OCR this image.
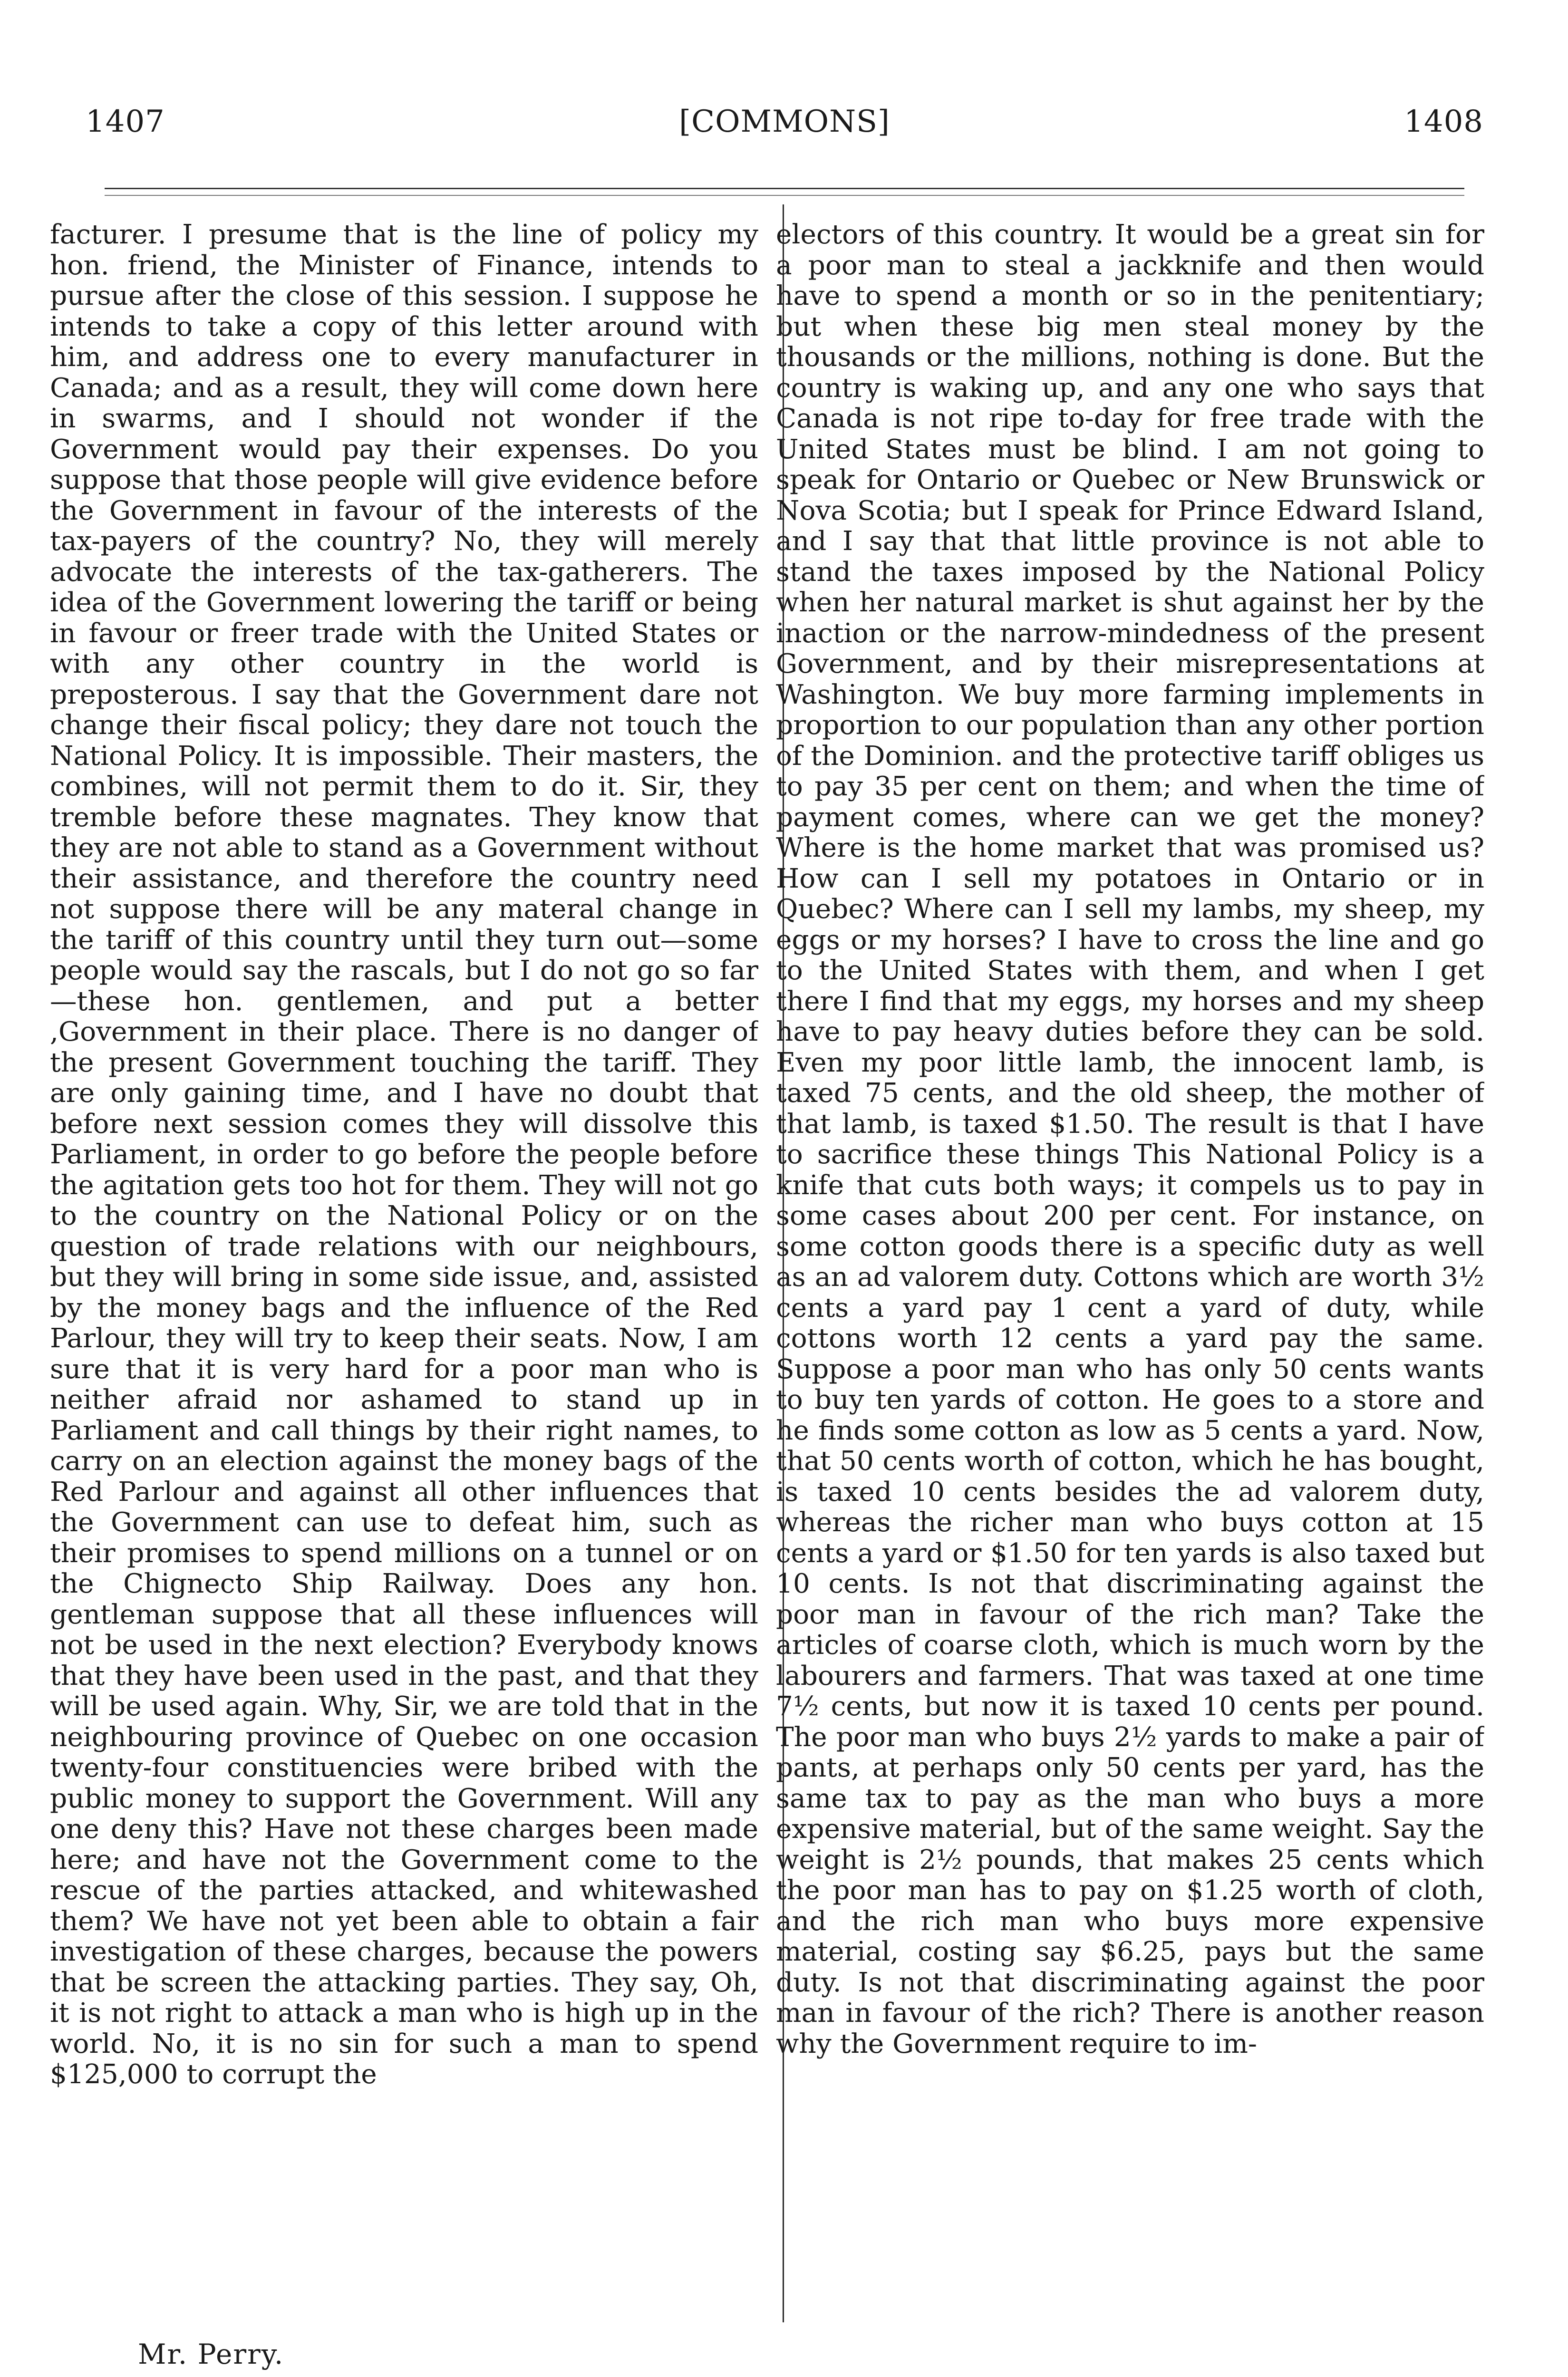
1407	[COMMONS]	1408

facturer. I presume that is the line of policy my hon. friend, the Minister of Finance, intends to pursue after the close of this session. I suppose he intends to take a copy of this letter around with him, and address one to every manufacturer in Canada; and as a result, they will come down here in swarms, and I should not wonder if the Government would pay their expenses. Do you suppose that those people will give evidence before the Government in favour of the interests of the tax-payers of the country? No, they will merely advocate the interests of the tax-gatherers. The idea of the Government lowering the tariff or being in favour or freer trade with the United States or with any other country in the world is preposterous. I say that the Government dare not change their fiscal policy; they dare not touch the National Policy. It is impossible. Their masters, the combines, will not permit them to do it. Sir, they tremble before these magnates. They know that they are not able to stand as a Government without their assistance, and therefore the country need not suppose there will be any materal change in the tariff of this country until they turn out—some people would say the rascals, but I do not go so far—these hon. gentlemen, and put a better ,Government in their place. There is no danger of the present Government touching the tariff. They are only gaining time, and I have no doubt that before next session comes they will dissolve this Parliament, in order to go before the people before the agitation gets too hot for them. They will not go to the country on the National Policy or on the question of trade relations with our neighbours, but they will bring in some side issue, and, assisted by the money bags and the influence of the Red Parlour, they will try to keep their seats. Now, I am sure that it is very hard for a poor man who is neither afraid nor ashamed to stand up in Parliament and call things by their right names, to carry on an election against the money bags of the Red Parlour and against all other influences that the Government can use to defeat him, such as their promises to spend millions on a tunnel or on the Chignecto Ship Railway. Does any hon. gentleman suppose that all these influences will not be used in the next election? Everybody knows that they have been used in the past, and that they will be used again. Why, Sir, we are told that in the neighbouring province of Quebec on one occasion twenty-four constituencies were bribed with the public money to support the Government. Will any one deny this? Have not these charges been made here; and have not the Government come to the rescue of the parties attacked, and whitewashed them? We have not yet been able to obtain a fair investigation of these charges, because the powers that be screen the attacking parties. They say, Oh, it is not right to attack a man who is high up in the world. No, it is no sin for such a man to spend $125,000 to corrupt the

electors of this country. It would be a great sin for a poor man to steal a jackknife and then would have to spend a month or so in the penitentiary; but when these big men steal money by the thousands or the millions, nothing is done. But the country is waking up, and any one who says that Canada is not ripe to-day for free trade with the United States must be blind. I am not going to speak for Ontario or Quebec or New Brunswick or Nova Scotia; but I speak for Prince Edward Island, and I say that that little province is not able to stand the taxes imposed by the National Policy when her natural market is shut against her by the inaction or the narrow-mindedness of the present Government, and by their misrepresentations at Washington. We buy more farming implements in proportion to our population than any other portion of the Dominion. and the protective tariff obliges us to pay 35 per cent on them; and when the time of payment comes, where can we get the money? Where is the home market that was promised us? How can I sell my potatoes in Ontario or in Quebec? Where can I sell my lambs, my sheep, my eggs or my horses? I have to cross the line and go to the United States with them, and when I get there I find that my eggs, my horses and my sheep have to pay heavy duties before they can be sold. Even my poor little lamb, the innocent lamb, is taxed 75 cents, and the old sheep, the mother of that lamb, is taxed $1.50. The result is that I have to sacrifice these things This National Policy is a knife that cuts both ways; it compels us to pay in some cases about 200 per cent. For instance, on some cotton goods there is a specific duty as well as an ad valorem duty. Cottons which are worth 3½ cents a yard pay 1 cent a yard of duty, while cottons worth 12 cents a yard pay the same. Suppose a poor man who has only 50 cents wants to buy ten yards of cotton. He goes to a store and he finds some cotton as low as 5 cents a yard. Now, that 50 cents worth of cotton, which he has bought, is taxed 10 cents besides the ad valorem duty, whereas the richer man who buys cotton at 15 cents a yard or $1.50 for ten yards is also taxed but 10 cents. Is not that discriminating against the poor man in favour of the rich man? Take the articles of coarse cloth, which is much worn by the labourers and farmers. That was taxed at one time 7½ cents, but now it is taxed 10 cents per pound. The poor man who buys 2½ yards to make a pair of pants, at perhaps only 50 cents per yard, has the same tax to pay as the man who buys a more expensive material, but of the same weight. Say the weight is 2½ pounds, that makes 25 cents which the poor man has to pay on $1.25 worth of cloth, and the rich man who buys more expensive material, costing say $6.25, pays but the same duty. Is not that discriminating against the poor man in favour of the rich? There is another reason why the Government require to im-

Mr. Perry.
